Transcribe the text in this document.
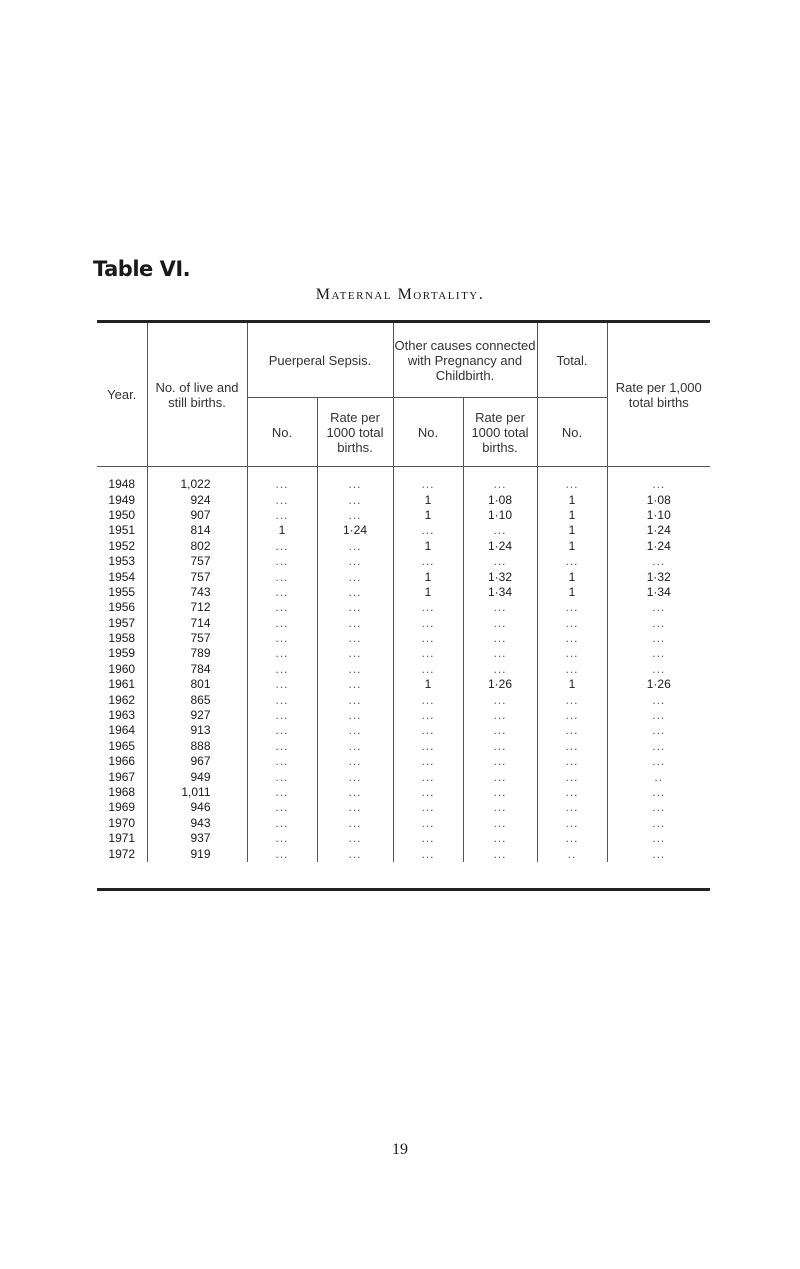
Table VI.
Maternal Mortality.
Year.	No. of live and still births.	Puerperal Sepsis.		Other causes connected with Pregnancy and Childbirth.		Total.	Rate per 1,000 total births
		No.	Rate per 1000 total births.	No.	Rate per 1000 total births.	No.	

1948	1,022	...	...	...	...	...	...
1949	924	...	...	1	1·08	1	1·08
1950	907	...	...	1	1·10	1	1·10
1951	814	1	1·24	...	...	1	1·24
1952	802	...	...	1	1·24	1	1·24
1953	757	...	...	...	...	...	...
1954	757	...	...	1	1·32	1	1·32
1955	743	...	...	1	1·34	1	1·34
1956	712	...	...	...	...	...	...
1957	714	...	...	...	...	...	...
1958	757	...	...	...	...	...	...
1959	789	...	...	...	...	...	...
1960	784	...	...	...	...	...	...
1961	801	...	...	1	1·26	1	1·26
1962	865	...	...	...	...	...	...
1963	927	...	...	...	...	...	...
1964	913	...	...	...	...	...	...
1965	888	...	...	...	...	...	...
1966	967	...	...	...	...	...	...
1967	949	...	...	...	...	...	..
1968	1,011	...	...	...	...	...	...
1969	946	...	...	...	...	...	...
1970	943	...	...	...	...	...	...
1971	937	...	...	...	...	...	...
1972	919	...	...	...	...	..	...
19
